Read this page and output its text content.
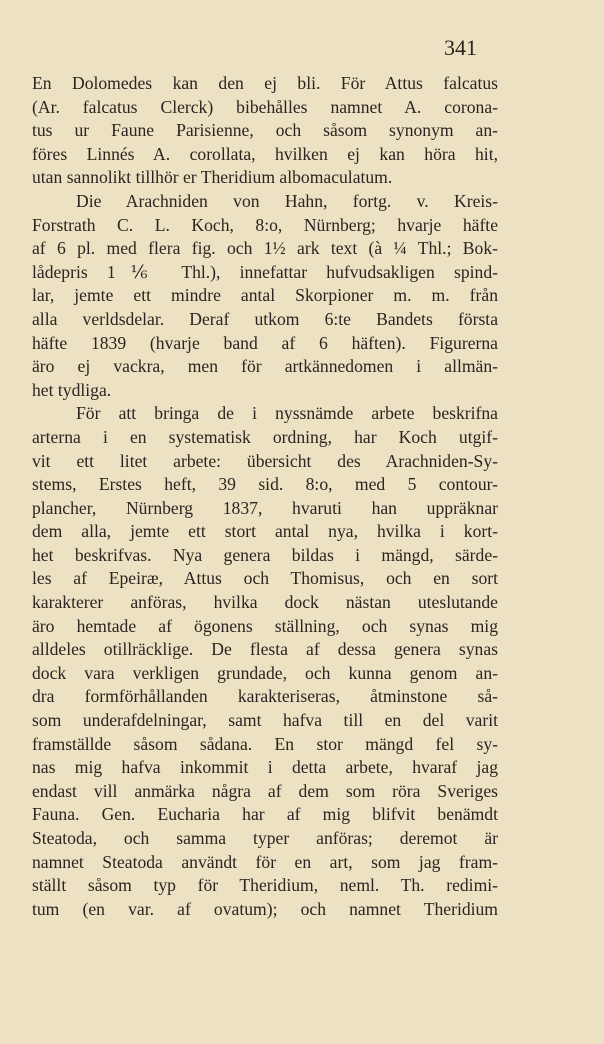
341
En Dolomedes kan den ej bli. För Attus falcatus
(Ar. falcatus Clerck) bibehålles namnet A. corona-
tus ur Faune Parisienne, och såsom synonym an-
föres Linnés A. corollata, hvilken ej kan höra hit,
utan sannolikt tillhör er Theridium albomaculatum.
Die Arachniden von Hahn, fortg. v. Kreis-
Forstrath C. L. Koch, 8:o, Nürnberg; hvarje häfte
af 6 pl. med flera fig. och 1½ ark text (à ¼ Thl.; Bok-
lådepris 1⅙ Thl.), innefattar hufvudsakligen spind-
lar, jemte ett mindre antal Skorpioner m. m. från
alla verldsdelar. Deraf utkom 6:te Bandets första
häfte 1839 (hvarje band af 6 häften). Figurerna
äro ej vackra, men för artkännedomen i allmän-
het tydliga.
För att bringa de i nyssnämde arbete beskrifna
arterna i en systematisk ordning, har Koch utgif-
vit ett litet arbete: übersicht des Arachniden-Sy-
stems, Erstes heft, 39 sid. 8:o, med 5 contour-
plancher, Nürnberg 1837, hvaruti han uppräknar
dem alla, jemte ett stort antal nya, hvilka i kort-
het beskrifvas. Nya genera bildas i mängd, särde-
les af Epeiræ, Attus och Thomisus, och en sort
karakterer anföras, hvilka dock nästan uteslutande
äro hemtade af ögonens ställning, och synas mig
alldeles otillräcklige. De flesta af dessa genera synas
dock vara verkligen grundade, och kunna genom an-
dra formförhållanden karakteriseras, åtminstone så-
som underafdelningar, samt hafva till en del varit
framställde såsom sådana. En stor mängd fel sy-
nas mig hafva inkommit i detta arbete, hvaraf jag
endast vill anmärka några af dem som röra Sveriges
Fauna. Gen. Eucharia har af mig blifvit benämdt
Steatoda, och samma typer anföras; deremot är
namnet Steatoda användt för en art, som jag fram-
ställt såsom typ för Theridium, neml. Th. redimi-
tum (en var. af ovatum); och namnet Theridium
